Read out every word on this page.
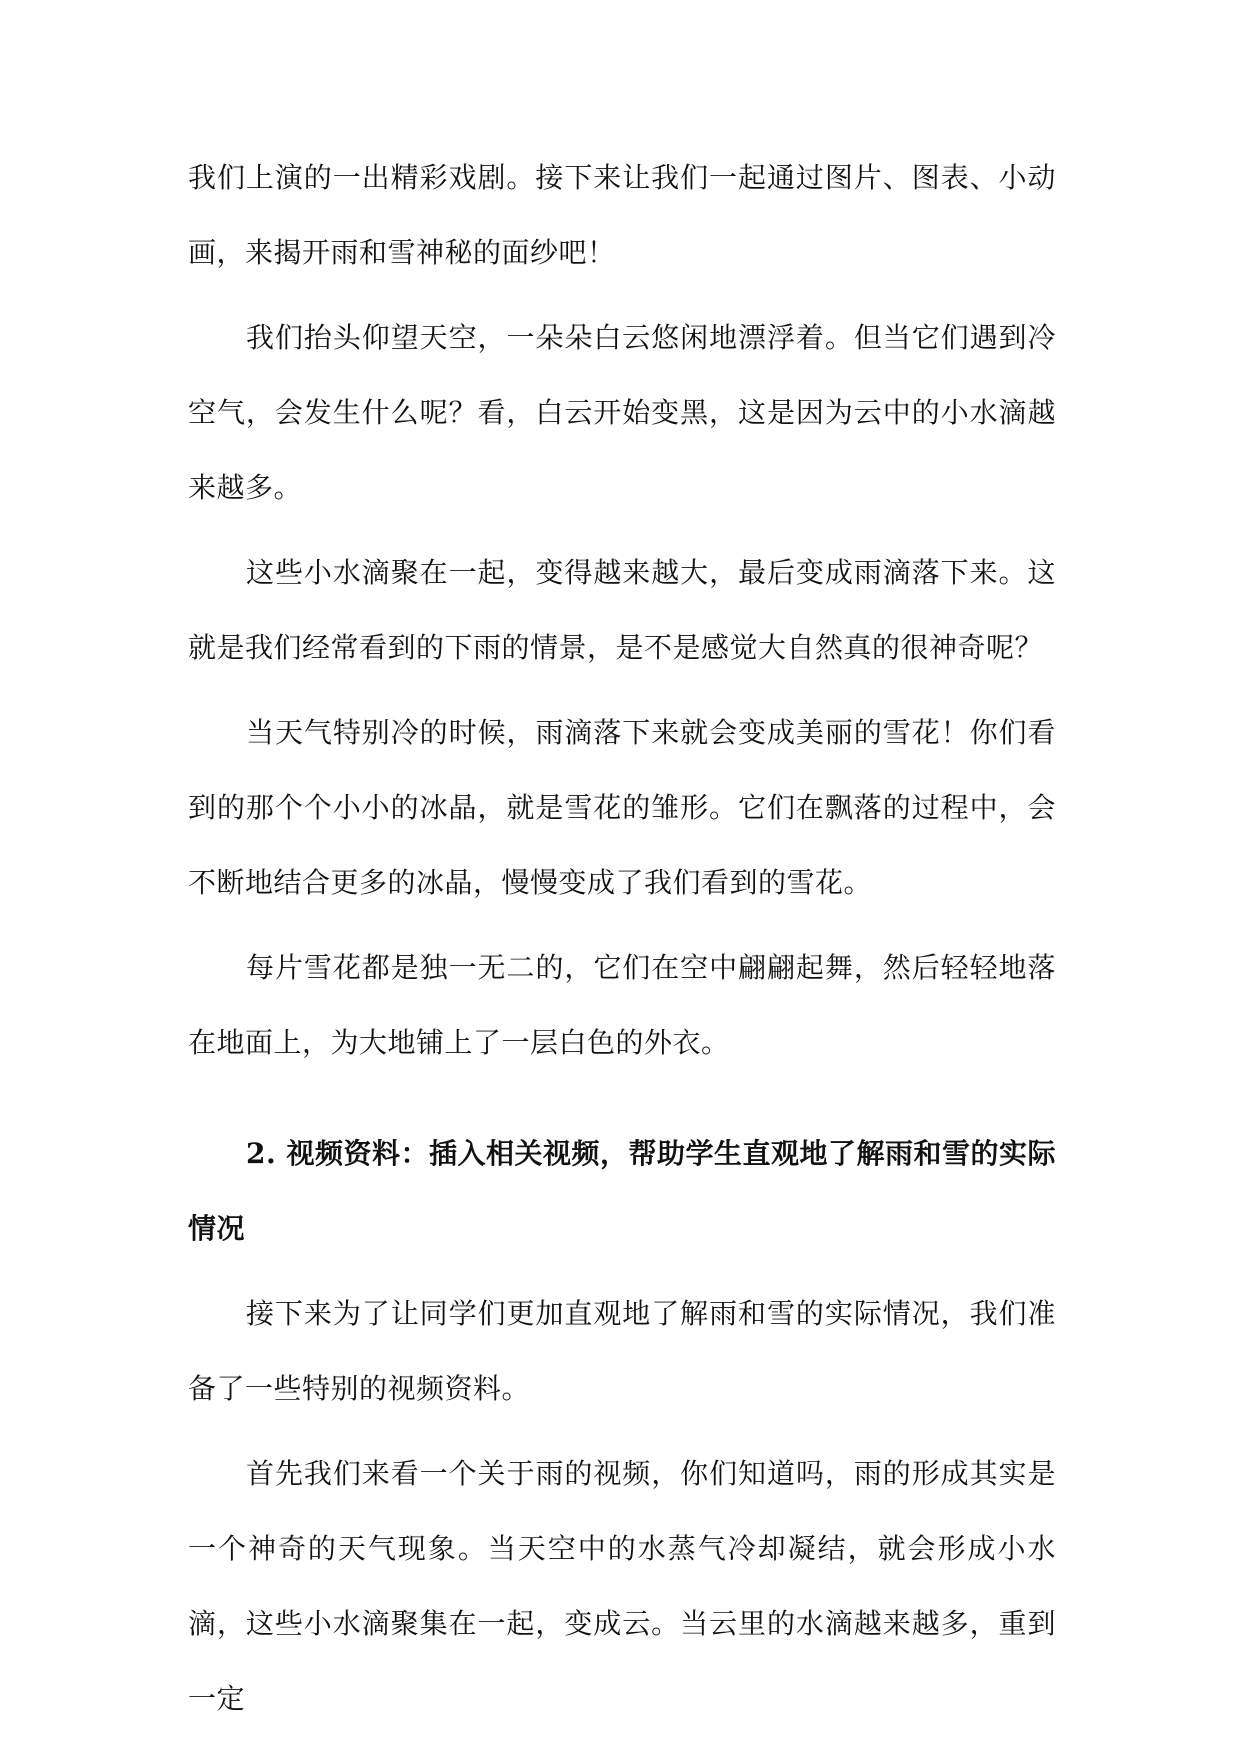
我们上演的一出精彩戏剧。接下来让我们一起通过图片、图表、小动画，来揭开雨和雪神秘的面纱吧！

我们抬头仰望天空，一朵朵白云悠闲地漂浮着。但当它们遇到冷空气，会发生什么呢？看，白云开始变黑，这是因为云中的小水滴越来越多。

这些小水滴聚在一起，变得越来越大，最后变成雨滴落下来。这就是我们经常看到的下雨的情景，是不是感觉大自然真的很神奇呢？

当天气特别冷的时候，雨滴落下来就会变成美丽的雪花！你们看到的那个个小小的冰晶，就是雪花的雏形。它们在飘落的过程中，会不断地结合更多的冰晶，慢慢变成了我们看到的雪花。

每片雪花都是独一无二的，它们在空中翩翩起舞，然后轻轻地落在地面上，为大地铺上了一层白色的外衣。

2. 视频资料：插入相关视频，帮助学生直观地了解雨和雪的实际情况

接下来为了让同学们更加直观地了解雨和雪的实际情况，我们准备了一些特别的视频资料。

首先我们来看一个关于雨的视频，你们知道吗，雨的形成其实是一个神奇的天气现象。当天空中的水蒸气冷却凝结，就会形成小水滴，这些小水滴聚集在一起，变成云。当云里的水滴越来越多，重到一定
